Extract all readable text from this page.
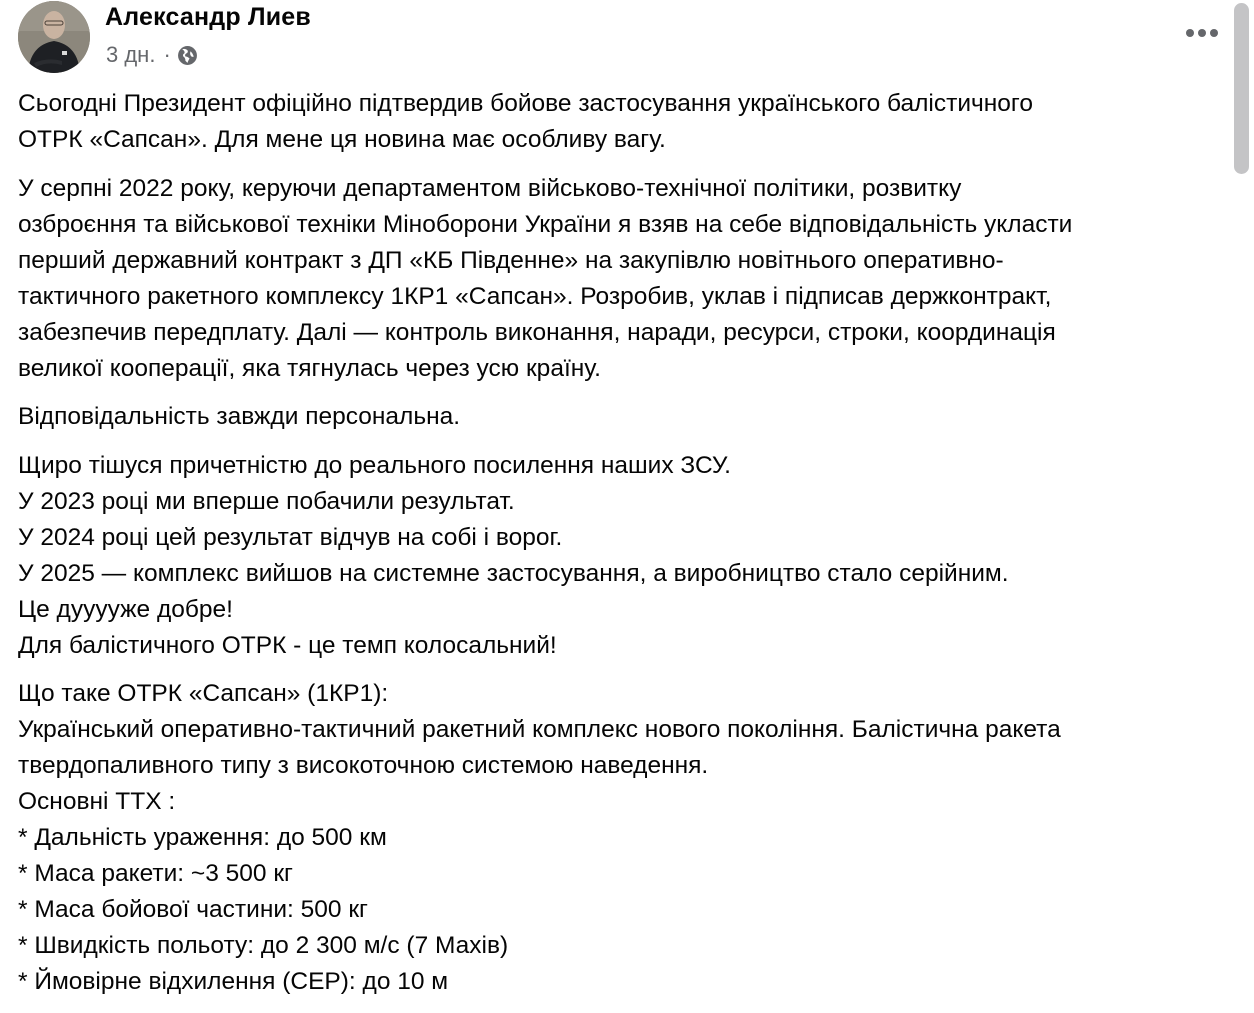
Александр Лиев
3 дн. ·

Сьогодні Президент офіційно підтвердив бойове застосування українського балістичного
ОТРК «Сапсан». Для мене ця новина має особливу вагу.

У серпні 2022 року, керуючи департаментом військово-технічної політики, розвитку
озброєння та військової техніки Міноборони України я взяв на себе відповідальність укласти
перший державний контракт з ДП «КБ Південне» на закупівлю новітнього оперативно-
тактичного ракетного комплексу 1КР1 «Сапсан». Розробив, уклав і підписав держконтракт,
забезпечив передплату. Далі — контроль виконання, наради, ресурси, строки, координація
великої кооперації, яка тягнулась через усю країну.

Відповідальність завжди персональна.

Щиро тішуся причетністю до реального посилення наших ЗСУ.
У 2023 році ми вперше побачили результат.
У 2024 році цей результат відчув на собі і ворог.
У 2025 — комплекс вийшов на системне застосування, а виробництво стало серійним.
Це дууууже добре!
Для балістичного ОТРК - це темп колосальний!

Що таке ОТРК «Сапсан» (1КР1):
Український оперативно-тактичний ракетний комплекс нового покоління. Балістична ракета
твердопаливного типу з високоточною системою наведення.
Основні ТТХ :
* Дальність ураження: до 500 км
* Маса ракети: ~3 500 кг
* Маса бойової частини: 500 кг
* Швидкість польоту: до 2 300 м/с (7 Махів)
* Ймовірне відхилення (CEP): до 10 м
